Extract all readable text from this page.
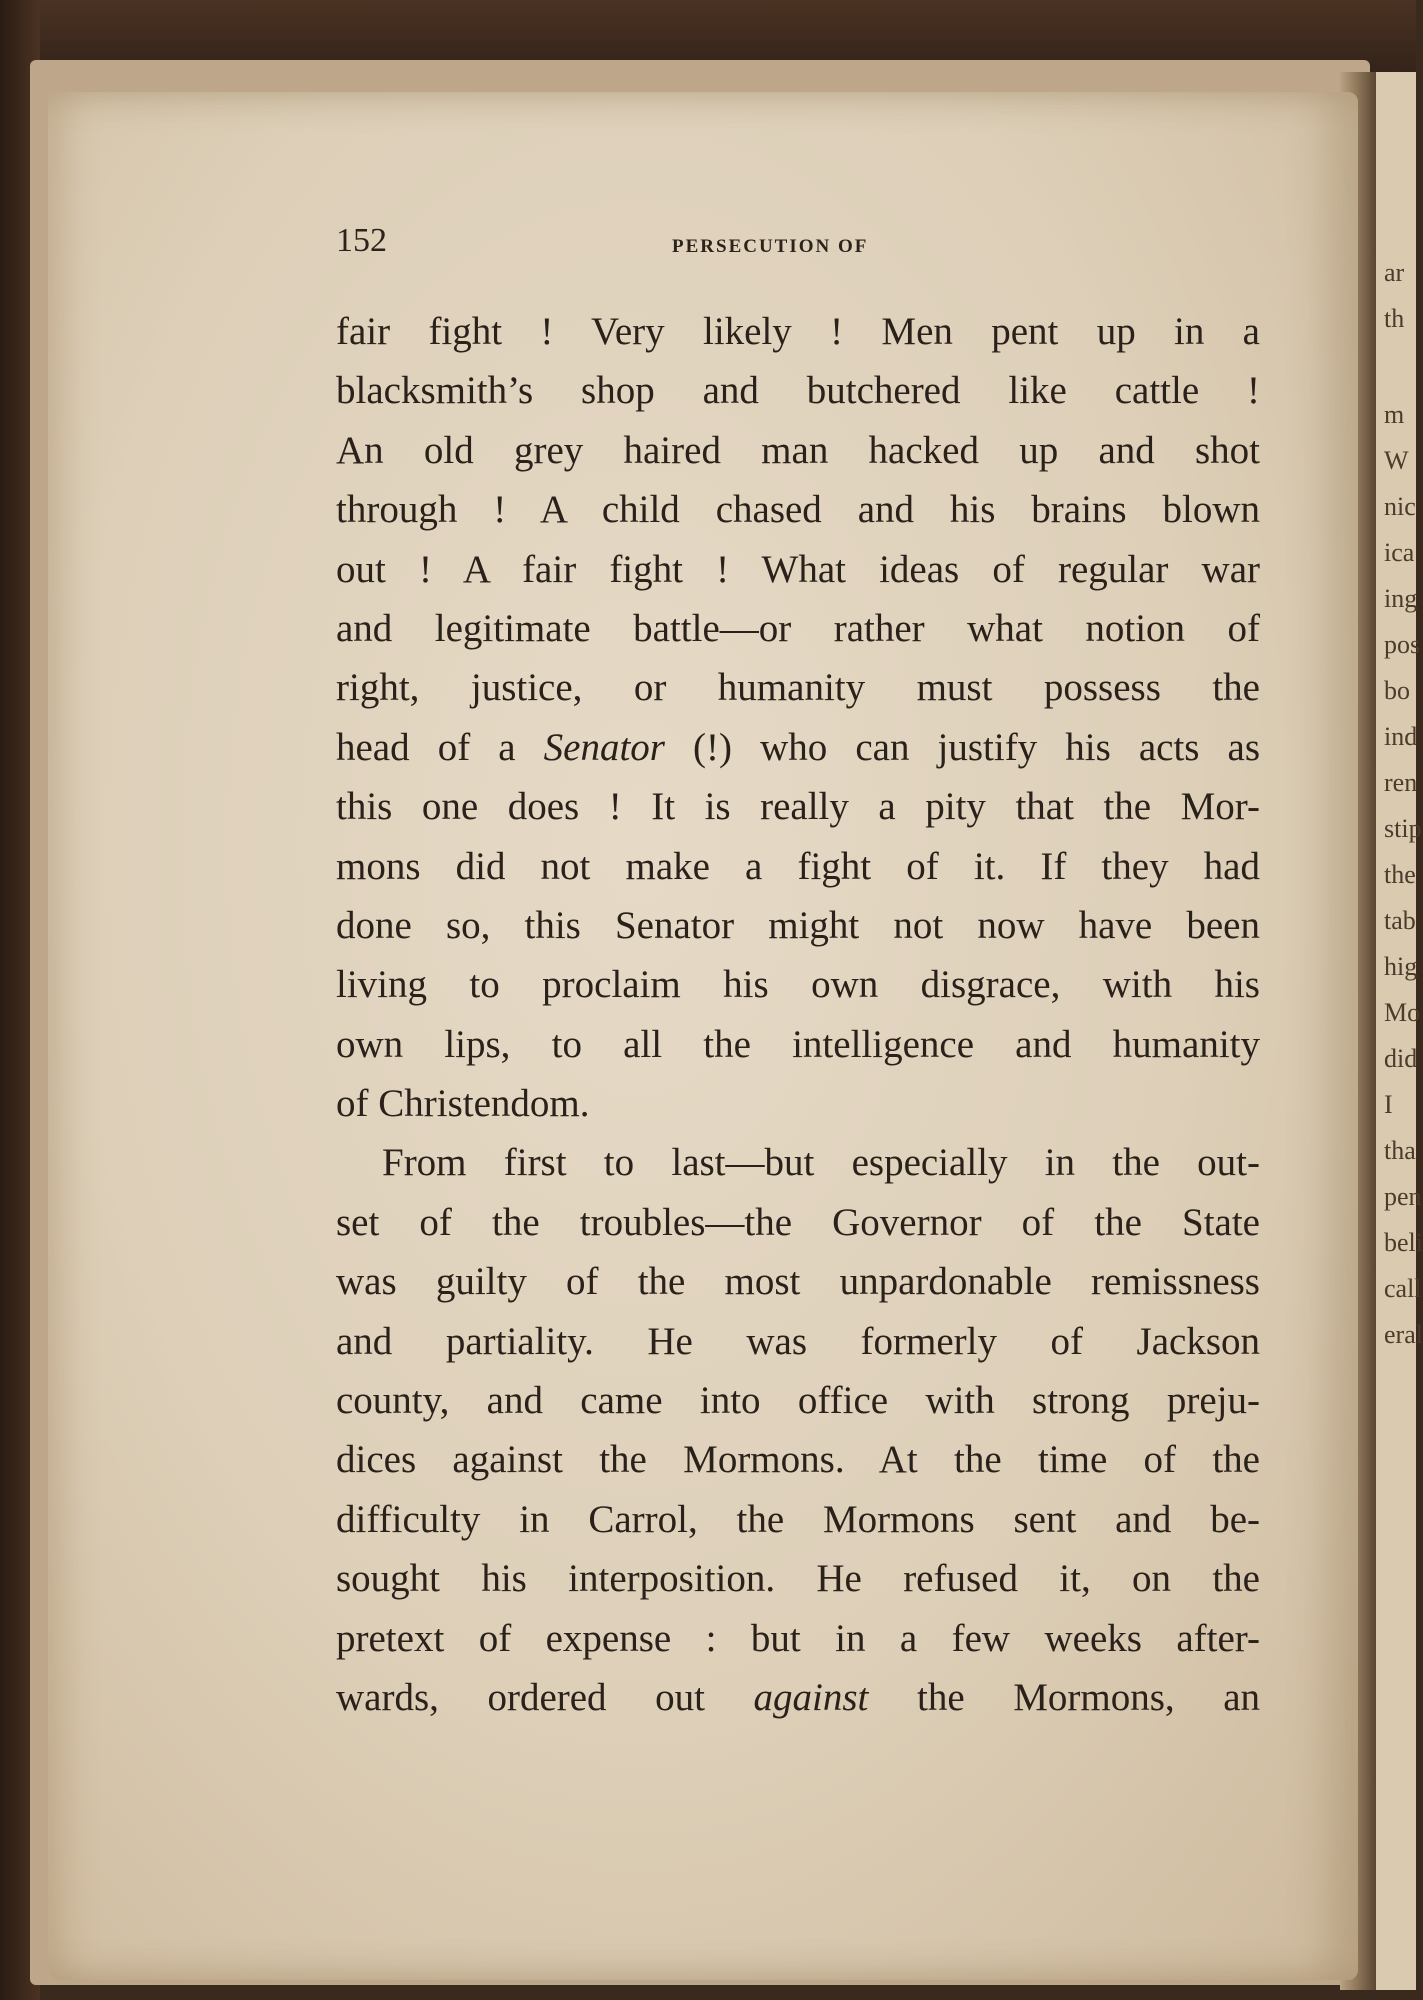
ar
th
m
W
nic
ica
ing
pos
bo
ind
ren
stip
the
tab
hig
Mo
did
I
tha
pen
beli
call
eral
152	PERSECUTION OF
fair fight ! Very likely ! Men pent up in a
blacksmith’s shop and butchered like cattle !
An old grey haired man hacked up and shot
through ! A child chased and his brains blown
out ! A fair fight ! What ideas of regular war
and legitimate battle—or rather what notion of
right, justice, or humanity must possess the
head of a Senator (!) who can justify his acts as
this one does ! It is really a pity that the Mor-
mons did not make a fight of it. If they had
done so, this Senator might not now have been
living to proclaim his own disgrace, with his
own lips, to all the intelligence and humanity
of Christendom.
From first to last—but especially in the out-
set of the troubles—the Governor of the State
was guilty of the most unpardonable remissness
and partiality. He was formerly of Jackson
county, and came into office with strong preju-
dices against the Mormons. At the time of the
difficulty in Carrol, the Mormons sent and be-
sought his interposition. He refused it, on the
pretext of expense : but in a few weeks after-
wards, ordered out against the Mormons, an
